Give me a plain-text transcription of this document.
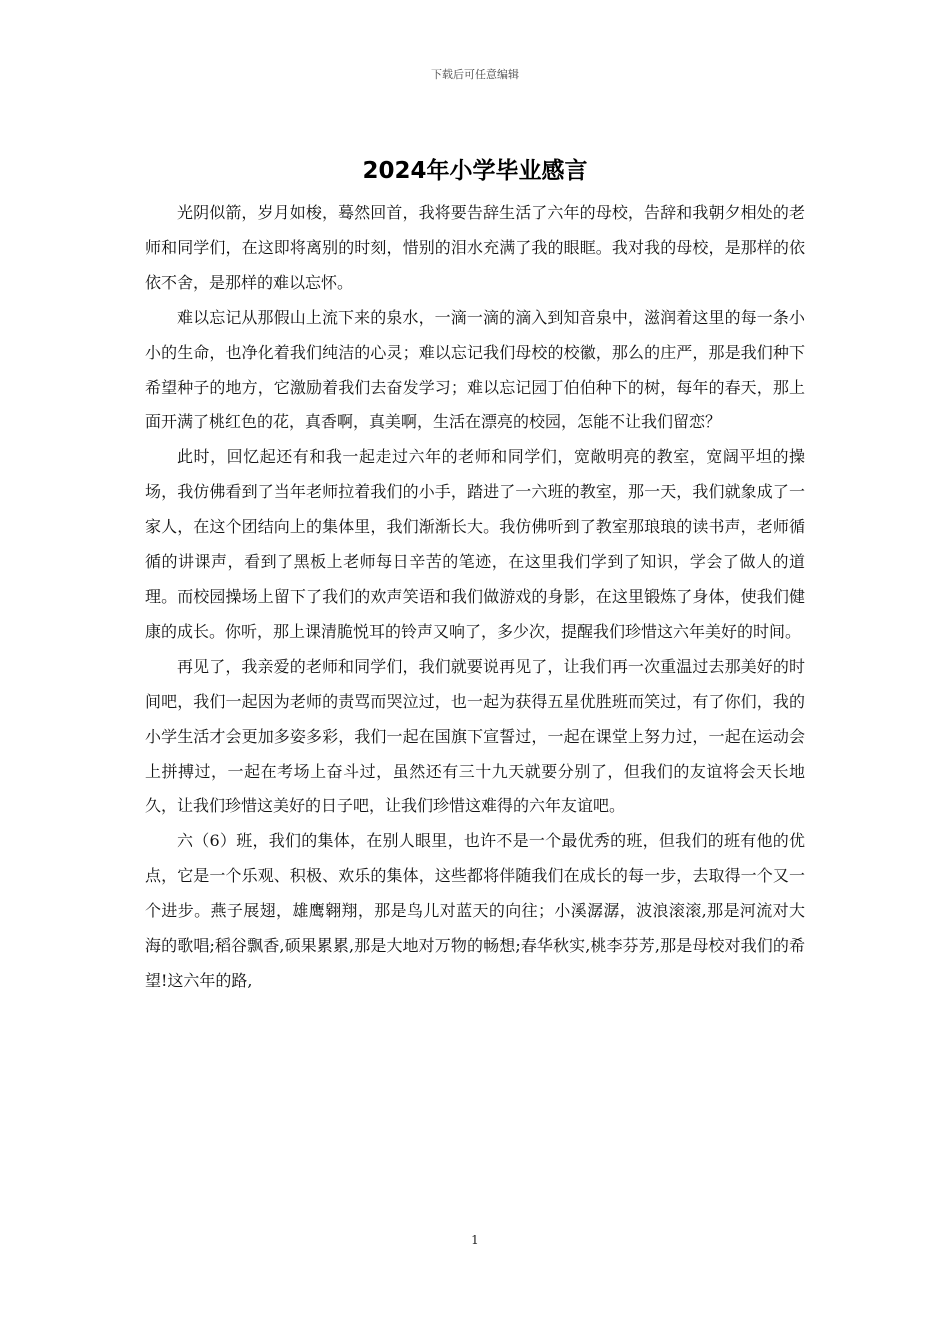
下载后可任意编辑
2024年小学毕业感言

光阴似箭，岁月如梭，蓦然回首，我将要告辞生活了六年的母校，告辞和我朝夕相处的老师和同学们，在这即将离别的时刻，惜别的泪水充满了我的眼眶。我对我的母校，是那样的依依不舍，是那样的难以忘怀。

难以忘记从那假山上流下来的泉水，一滴一滴的滴入到知音泉中，滋润着这里的每一条小小的生命，也净化着我们纯洁的心灵；难以忘记我们母校的校徽，那么的庄严，那是我们种下希望种子的地方，它激励着我们去奋发学习；难以忘记园丁伯伯种下的树，每年的春天，那上面开满了桃红色的花，真香啊，真美啊，生活在漂亮的校园，怎能不让我们留恋？

此时，回忆起还有和我一起走过六年的老师和同学们，宽敞明亮的教室，宽阔平坦的操场，我仿佛看到了当年老师拉着我们的小手，踏进了一六班的教室，那一天，我们就象成了一家人，在这个团结向上的集体里，我们渐渐长大。我仿佛听到了教室那琅琅的读书声，老师循循的讲课声，看到了黑板上老师每日辛苦的笔迹，在这里我们学到了知识，学会了做人的道理。而校园操场上留下了我们的欢声笑语和我们做游戏的身影，在这里锻炼了身体，使我们健康的成长。你听，那上课清脆悦耳的铃声又响了，多少次，提醒我们珍惜这六年美好的时间。

再见了，我亲爱的老师和同学们，我们就要说再见了，让我们再一次重温过去那美好的时间吧，我们一起因为老师的责骂而哭泣过，也一起为获得五星优胜班而笑过，有了你们，我的小学生活才会更加多姿多彩，我们一起在国旗下宣誓过，一起在课堂上努力过，一起在运动会上拼搏过，一起在考场上奋斗过，虽然还有三十九天就要分别了，但我们的友谊将会天长地久，让我们珍惜这美好的日子吧，让我们珍惜这难得的六年友谊吧。

六（6）班，我们的集体，在别人眼里，也许不是一个最优秀的班，但我们的班有他的优点，它是一个乐观、积极、欢乐的集体，这些都将伴随我们在成长的每一步，去取得一个又一个进步。燕子展翅，雄鹰翱翔，那是鸟儿对蓝天的向往；小溪潺潺，波浪滚滚,那是河流对大海的歌唱;稻谷飘香,硕果累累,那是大地对万物的畅想;春华秋实,桃李芬芳,那是母校对我们的希望!这六年的路,

1
